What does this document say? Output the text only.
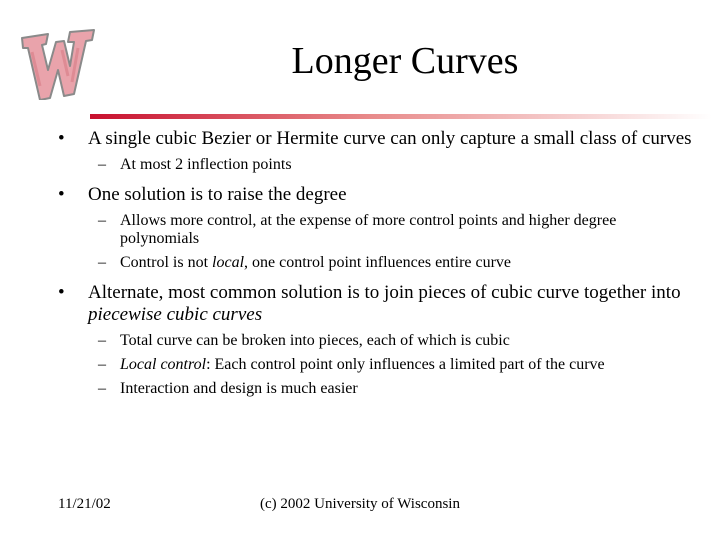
Longer Curves
• A single cubic Bezier or Hermite curve can only capture a small class of curves
– At most 2 inflection points
• One solution is to raise the degree
– Allows more control, at the expense of more control points and higher degree polynomials
– Control is not local, one control point influences entire curve
• Alternate, most common solution is to join pieces of cubic curve together into piecewise cubic curves
– Total curve can be broken into pieces, each of which is cubic
– Local control: Each control point only influences a limited part of the curve
– Interaction and design is much easier
11/21/02	(c) 2002 University of Wisconsin
